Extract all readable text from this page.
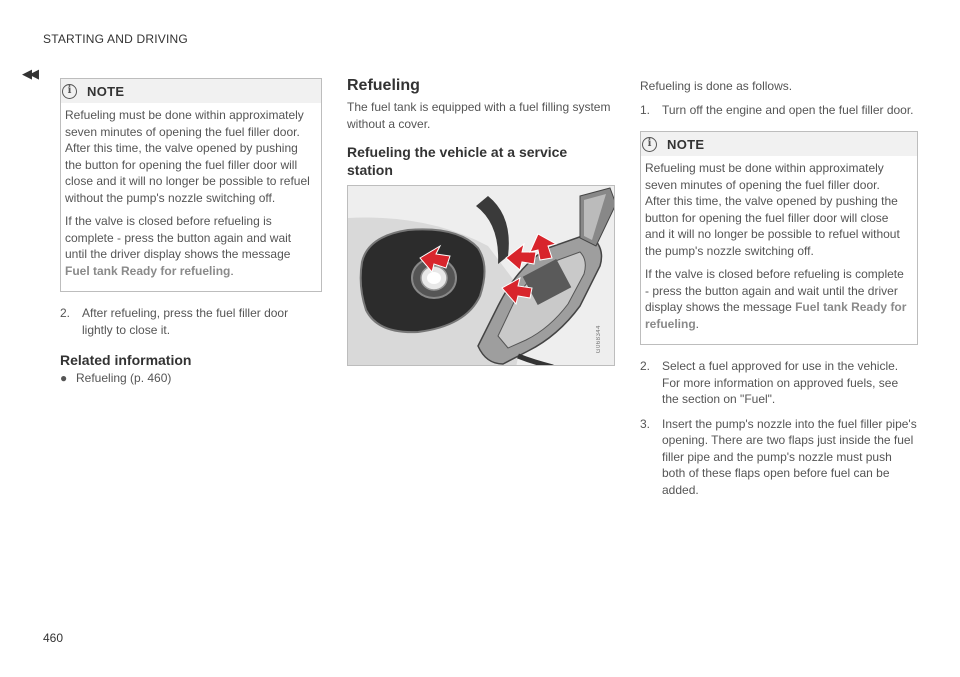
STARTING AND DRIVING
◀◀
460
i	NOTE

Refueling must be done within approximately seven minutes of opening the fuel filler door. After this time, the valve opened by pushing the button for opening the fuel filler door will close and it will no longer be possible to refuel without the pump's nozzle switching off.

If the valve is closed before refueling is complete - press the button again and wait until the driver display shows the message Fuel tank Ready for refueling.

2. After refueling, press the fuel filler door lightly to close it.
Related information
● Refueling (p. 460)
Refueling
The fuel tank is equipped with a fuel filling system without a cover.
Refueling the vehicle at a service station
G068344
Refueling is done as follows.
1. Turn off the engine and open the fuel filler door.
i	NOTE

Refueling must be done within approximately seven minutes of opening the fuel filler door. After this time, the valve opened by pushing the button for opening the fuel filler door will close and it will no longer be possible to refuel without the pump's nozzle switching off.

If the valve is closed before refueling is complete - press the button again and wait until the driver display shows the message Fuel tank Ready for refueling.

2. Select a fuel approved for use in the vehicle. For more information on approved fuels, see the section on "Fuel".
3. Insert the pump's nozzle into the fuel filler pipe's opening. There are two flaps just inside the fuel filler pipe and the pump's nozzle must push both of these flaps open before fuel can be added.
